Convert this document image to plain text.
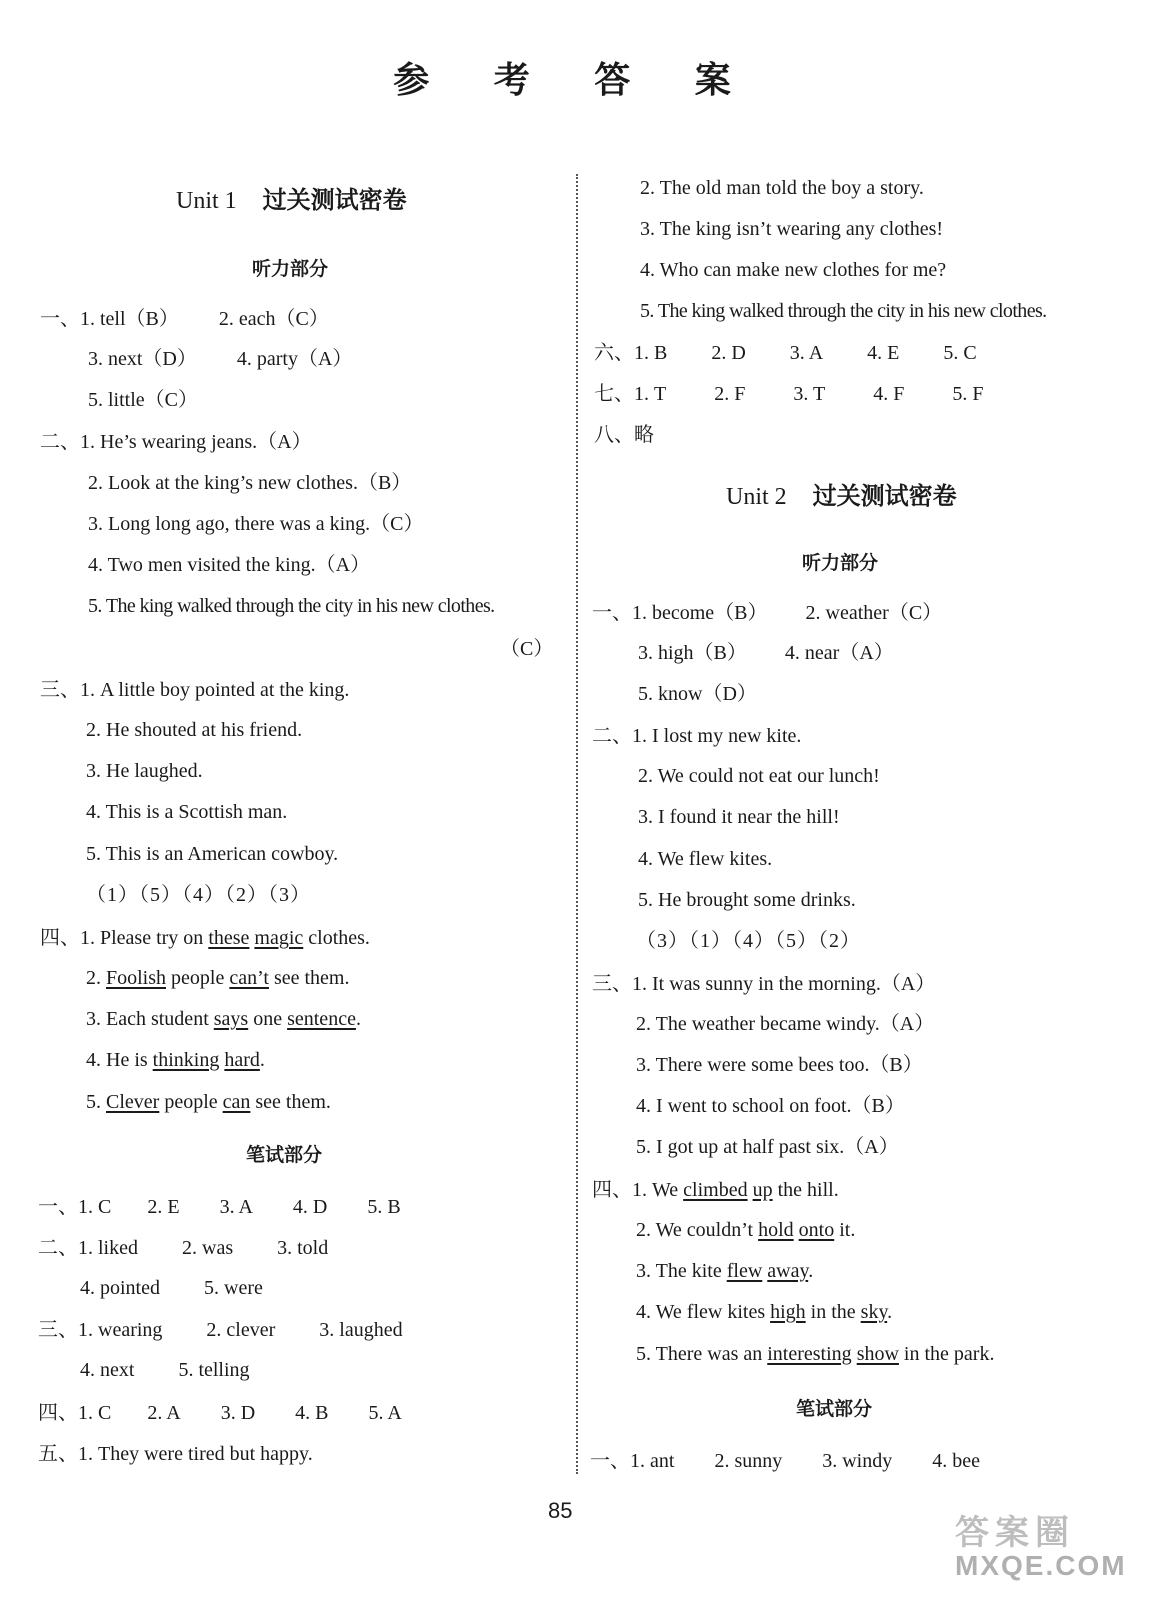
参 考 答 案
Unit 1 过关测试密卷
听力部分
一、1. tell（B） 2. each（C）
3. next（D） 4. party（A）
5. little（C）
二、1. He’s wearing jeans.（A）
2. Look at the king’s new clothes.（B）
3. Long long ago, there was a king.（C）
4. Two men visited the king.（A）
5. The king walked through the city in his new clothes.
（C）
三、1. A little boy pointed at the king.
2. He shouted at his friend.
3. He laughed.
4. This is a Scottish man.
5. This is an American cowboy.
（1）（5）（4）（2）（3）
四、1. Please try on these magic clothes.
2. Foolish people can’t see them.
3. Each student says one sentence.
4. He is thinking hard.
5. Clever people can see them.
笔试部分
一、1. C 2. E 3. A 4. D 5. B
二、1. liked 2. was 3. told
4. pointed 5. were
三、1. wearing 2. clever 3. laughed
4. next 5. telling
四、1. C 2. A 3. D 4. B 5. A
五、1. They were tired but happy.
2. The old man told the boy a story.
3. The king isn’t wearing any clothes!
4. Who can make new clothes for me?
5. The king walked through the city in his new clothes.
六、1. B 2. D 3. A 4. E 5. C
七、1. T 2. F 3. T 4. F 5. F
八、略
Unit 2 过关测试密卷
听力部分
一、1. become（B） 2. weather（C）
3. high（B） 4. near（A）
5. know（D）
二、1. I lost my new kite.
2. We could not eat our lunch!
3. I found it near the hill!
4. We flew kites.
5. He brought some drinks.
（3）（1）（4）（5）（2）
三、1. It was sunny in the morning.（A）
2. The weather became windy.（A）
3. There were some bees too.（B）
4. I went to school on foot.（B）
5. I got up at half past six.（A）
四、1. We climbed up the hill.
2. We couldn’t hold onto it.
3. The kite flew away.
4. We flew kites high in the sky.
5. There was an interesting show in the park.
笔试部分
一、1. ant 2. sunny 3. windy 4. bee
85
答案圈
MXQE.COM
